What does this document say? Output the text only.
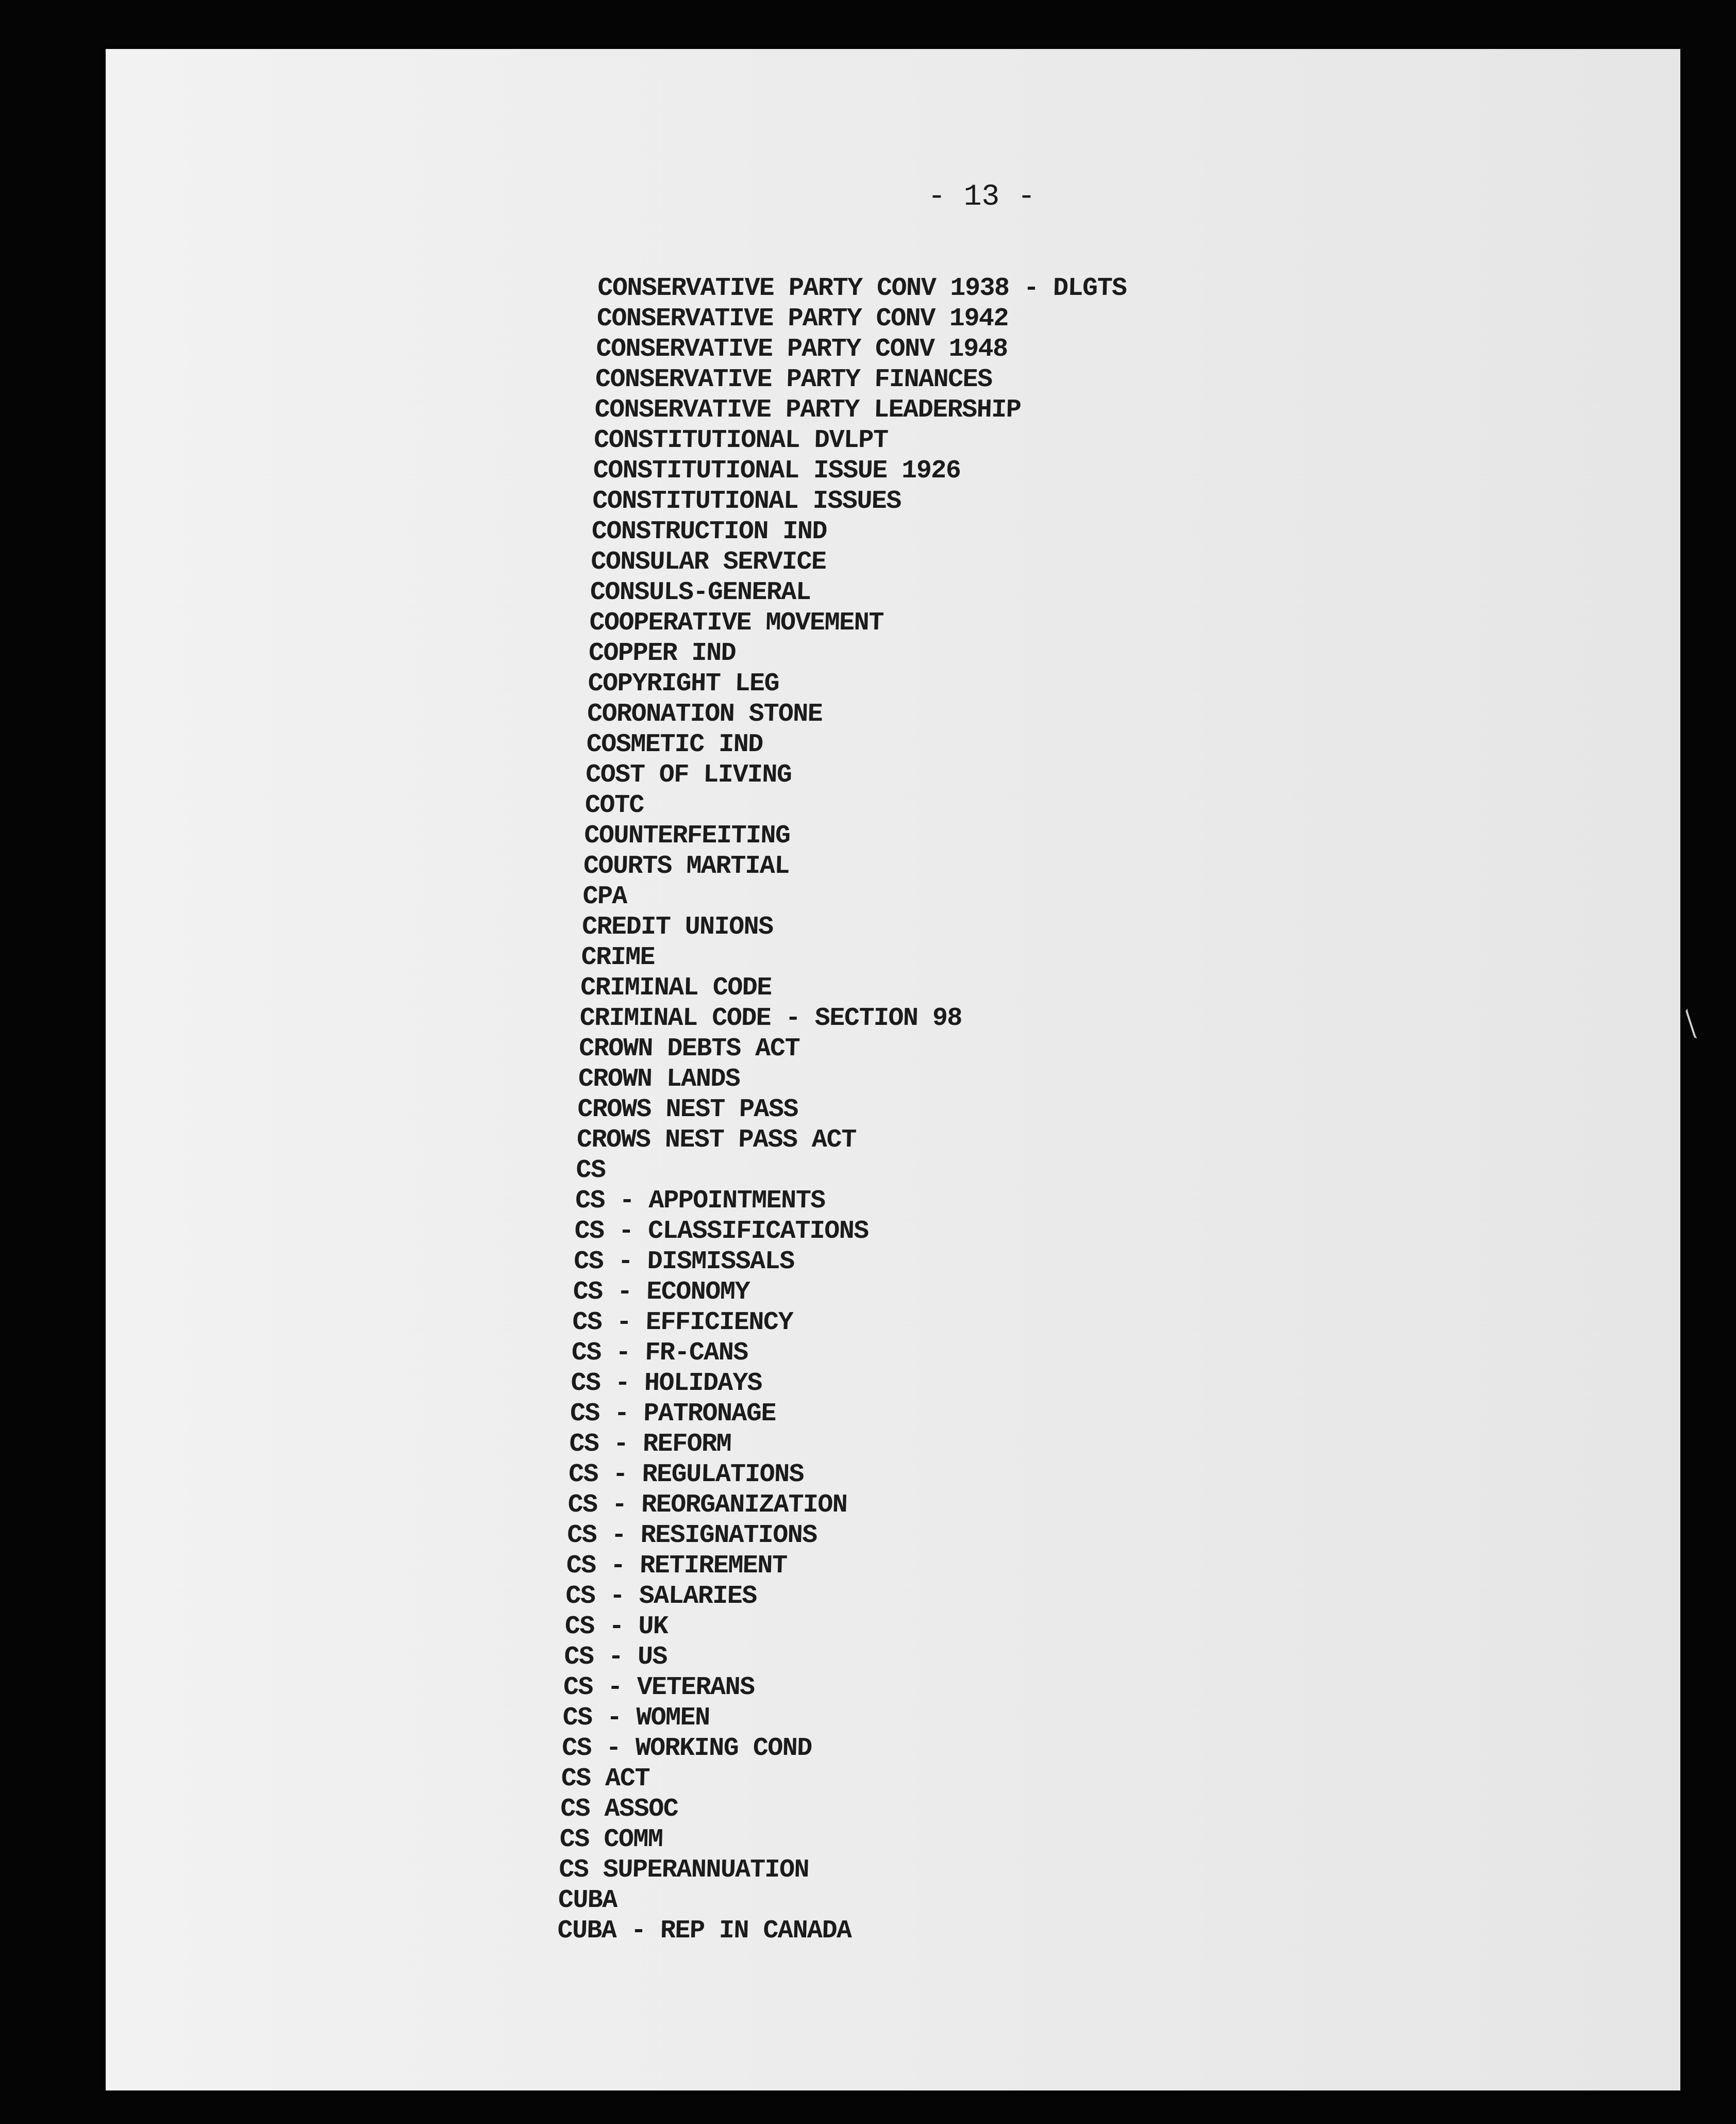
- 13 -
CONSERVATIVE PARTY CONV 1938 - DLGTS
CONSERVATIVE PARTY CONV 1942
CONSERVATIVE PARTY CONV 1948
CONSERVATIVE PARTY FINANCES
CONSERVATIVE PARTY LEADERSHIP
CONSTITUTIONAL DVLPT
CONSTITUTIONAL ISSUE 1926
CONSTITUTIONAL ISSUES
CONSTRUCTION IND
CONSULAR SERVICE
CONSULS-GENERAL
COOPERATIVE MOVEMENT
COPPER IND
COPYRIGHT LEG
CORONATION STONE
COSMETIC IND
COST OF LIVING
COTC
COUNTERFEITING
COURTS MARTIAL
CPA
CREDIT UNIONS
CRIME
CRIMINAL CODE
CRIMINAL CODE - SECTION 98
CROWN DEBTS ACT
CROWN LANDS
CROWS NEST PASS
CROWS NEST PASS ACT
CS
CS - APPOINTMENTS
CS - CLASSIFICATIONS
CS - DISMISSALS
CS - ECONOMY
CS - EFFICIENCY
CS - FR-CANS
CS - HOLIDAYS
CS - PATRONAGE
CS - REFORM
CS - REGULATIONS
CS - REORGANIZATION
CS - RESIGNATIONS
CS - RETIREMENT
CS - SALARIES
CS - UK
CS - US
CS - VETERANS
CS - WOMEN
CS - WORKING COND
CS ACT
CS ASSOC
CS COMM
CS SUPERANNUATION
CUBA
CUBA - REP IN CANADA
